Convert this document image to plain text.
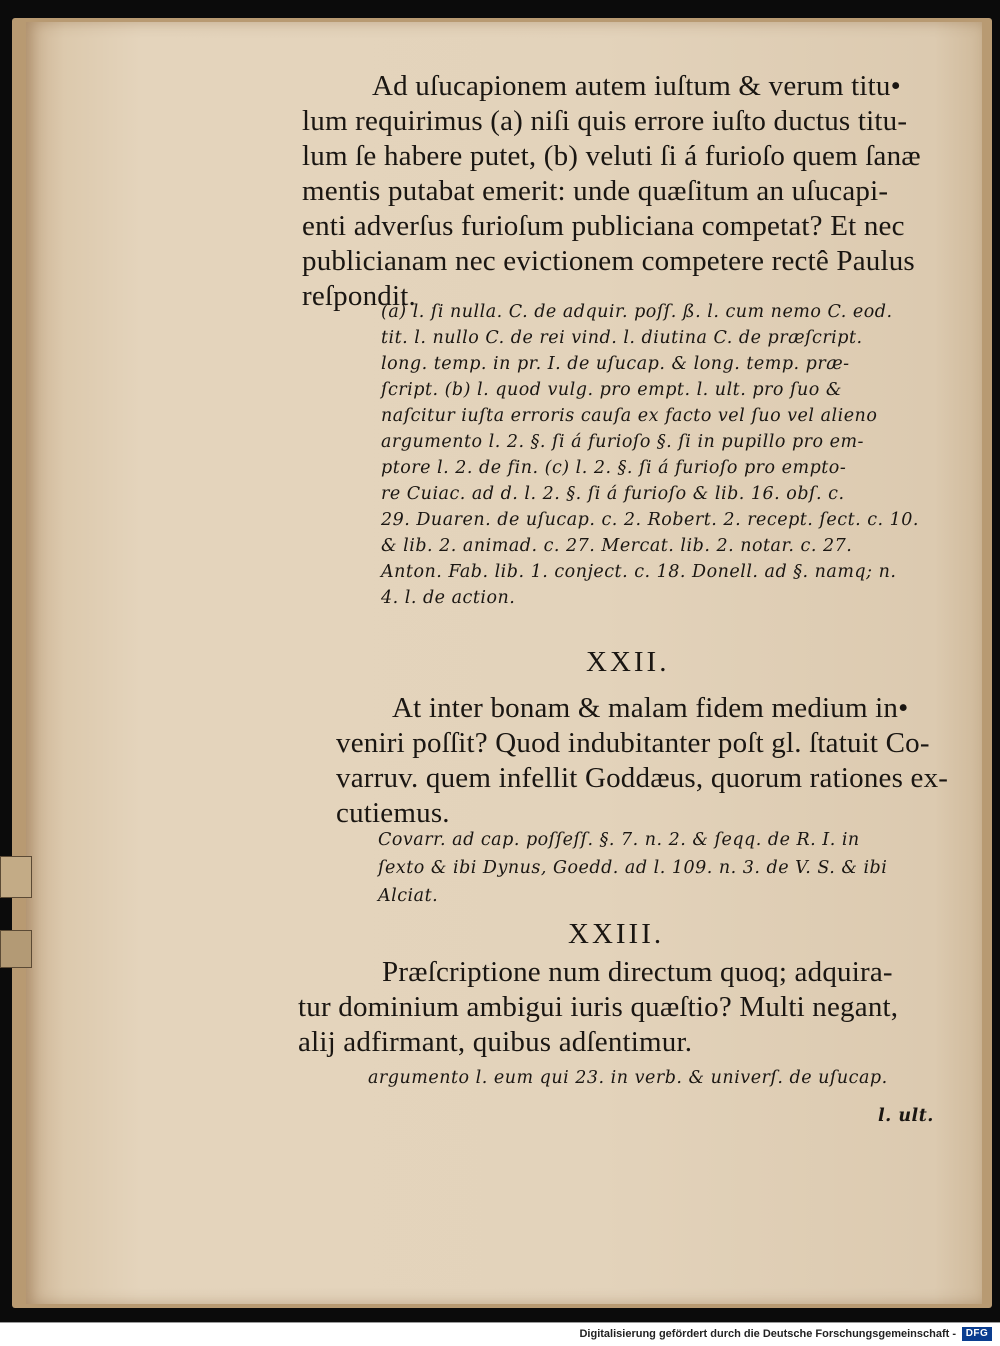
Ad uſucapionem autem iuſtum & verum titu•
lum requirimus (a) niſi quis errore iuſto ductus titu-
lum ſe habere putet, (b) veluti ſi á furioſo quem ſanæ
mentis putabat emerit: unde quæſitum an uſucapi-
enti adverſus furioſum publiciana competat? Et nec
publicianam nec evictionem competere rectê Paulus
reſpondit.
(a) l. ſi nulla. C. de adquir. poſſ. ß. l. cum nemo C. eod.
tit. l. nullo C. de rei vind. l. diutina C. de præſcript.
long. temp. in pr. I. de uſucap. & long. temp. præ-
ſcript. (b) l. quod vulg. pro empt. l. ult. pro ſuo &
naſcitur iuſta erroris cauſa ex facto vel ſuo vel alieno
argumento l. 2. §. ſi á furioſo §. ſi in pupillo pro em-
ptore l. 2. de fin. (c) l. 2. §. ſi á furioſo pro empto-
re Cuiac. ad d. l. 2. §. ſi á furioſo & lib. 16. obſ. c.
29. Duaren. de uſucap. c. 2. Robert. 2. recept. ſect. c. 10.
& lib. 2. animad. c. 27. Mercat. lib. 2. notar. c. 27.
Anton. Fab. lib. 1. conject. c. 18. Donell. ad §. namq; n.
4. l. de action.
XXII.
At inter bonam & malam fidem medium in•
veniri poſſit? Quod indubitanter poſt gl. ſtatuit Co-
varruv. quem infellit Goddæus, quorum rationes ex-
cutiemus.
Covarr. ad cap. poſſeſſ. §. 7. n. 2. & ſeqq. de R. I. in
ſexto & ibi Dynus, Goedd. ad l. 109. n. 3. de V. S. & ibi
Alciat.
XXIII.
Præſcriptione num directum quoq; adquira-
tur dominium ambigui iuris quæſtio? Multi negant,
alij adfirmant, quibus adſentimur.
argumento l. eum qui 23. in verb. & univerſ. de uſucap.
l. ult.
Digitalisierung gefördert durch die Deutsche Forschungsgemeinschaft - DFG
